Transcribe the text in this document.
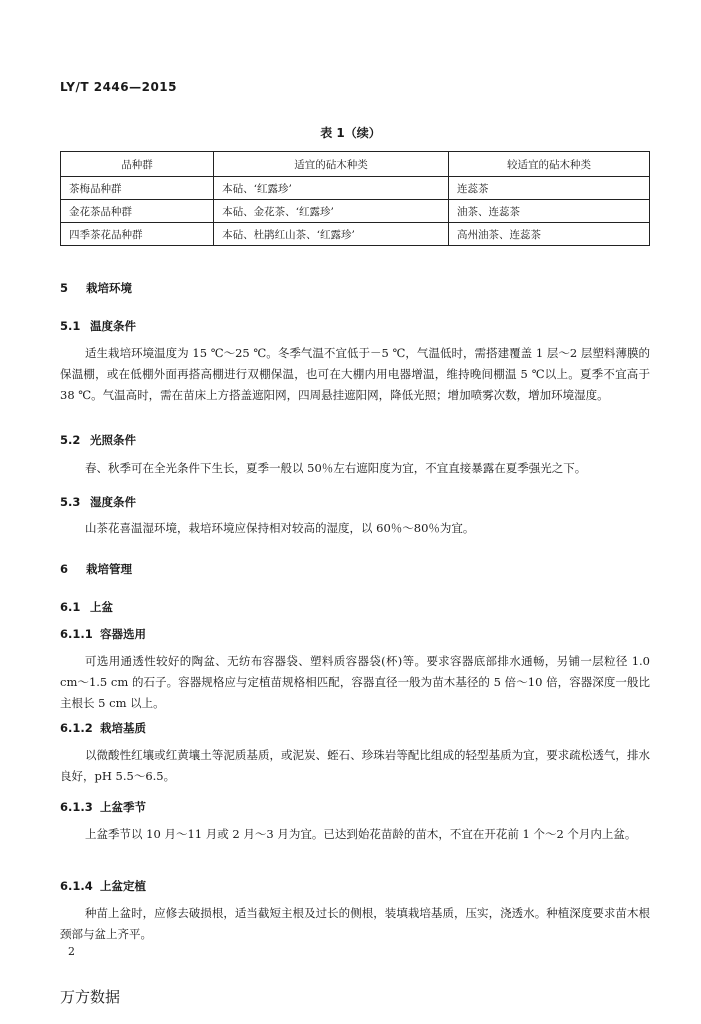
LY/T 2446—2015
表 1（续）
品种群	适宜的砧木种类	较适宜的砧木种类
茶梅品种群	本砧、‘红露珍’	连蕊茶
金花茶品种群	本砧、金花茶、‘红露珍’	油茶、连蕊茶
四季茶花品种群	本砧、杜鹃红山茶、‘红露珍’	高州油茶、连蕊茶
5 栽培环境
5.1 温度条件
适生栽培环境温度为 15 ℃～25 ℃。冬季气温不宜低于－5 ℃，气温低时，需搭建覆盖 1 层～2 层塑料薄膜的保温棚，或在低棚外面再搭高棚进行双棚保温，也可在大棚内用电器增温，维持晚间棚温 5 ℃以上。夏季不宜高于 38 ℃。气温高时，需在苗床上方搭盖遮阳网，四周悬挂遮阳网，降低光照；增加喷雾次数，增加环境湿度。
5.2 光照条件
春、秋季可在全光条件下生长，夏季一般以 50％左右遮阳度为宜，不宜直接暴露在夏季强光之下。
5.3 湿度条件
山茶花喜温湿环境，栽培环境应保持相对较高的湿度，以 60％～80％为宜。
6 栽培管理
6.1 上盆
6.1.1 容器选用
可选用通透性较好的陶盆、无纺布容器袋、塑料质容器袋(杯)等。要求容器底部排水通畅，另铺一层粒径 1.0 cm～1.5 cm 的石子。容器规格应与定植苗规格相匹配，容器直径一般为苗木基径的 5 倍～10 倍，容器深度一般比主根长 5 cm 以上。
6.1.2 栽培基质
以微酸性红壤或红黄壤土等泥质基质，或泥炭、蛭石、珍珠岩等配比组成的轻型基质为宜，要求疏松透气，排水良好，pH 5.5～6.5。
6.1.3 上盆季节
上盆季节以 10 月～11 月或 2 月～3 月为宜。已达到始花苗龄的苗木，不宜在开花前 1 个～2 个月内上盆。
6.1.4 上盆定植
种苗上盆时，应修去破损根，适当截短主根及过长的侧根，装填栽培基质，压实，浇透水。种植深度要求苗木根颈部与盆上齐平。
2
万方数据
